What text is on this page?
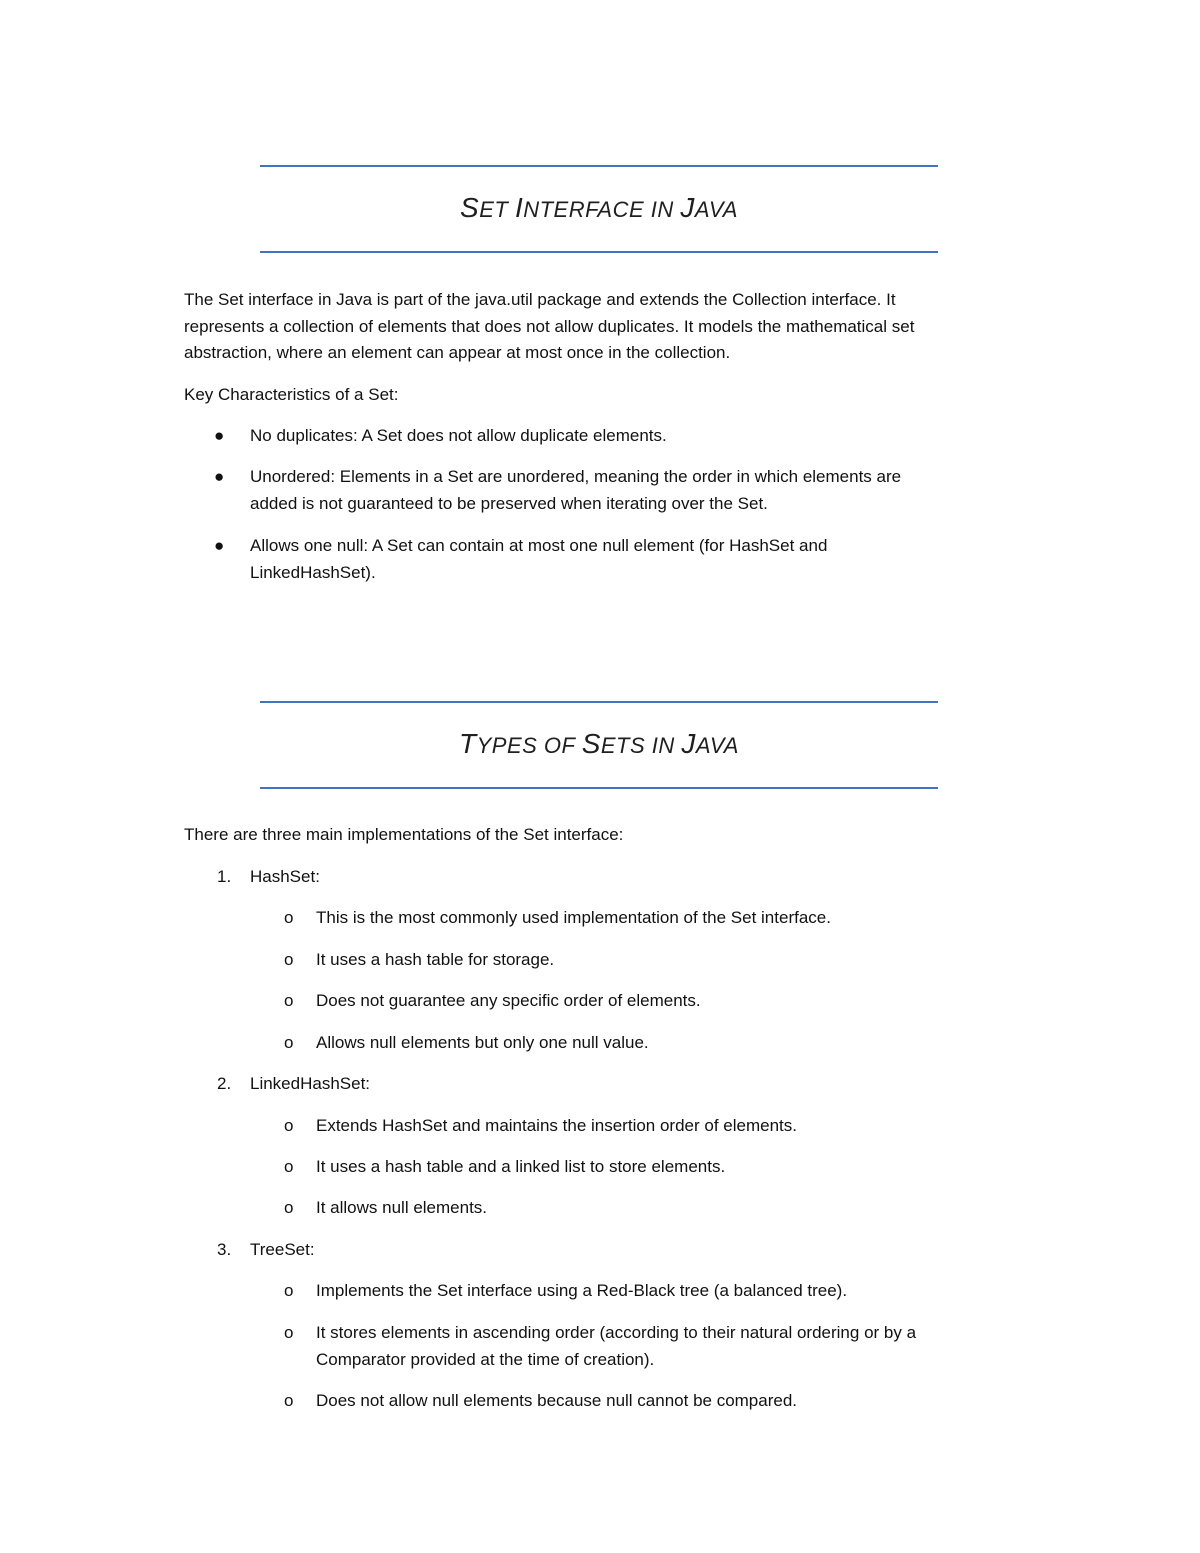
SET INTERFACE IN JAVA
The Set interface in Java is part of the java.util package and extends the Collection interface. It
represents a collection of elements that does not allow duplicates. It models the mathematical set
abstraction, where an element can appear at most once in the collection.
Key Characteristics of a Set:
● No duplicates: A Set does not allow duplicate elements.
● Unordered: Elements in a Set are unordered, meaning the order in which elements are
added is not guaranteed to be preserved when iterating over the Set.
● Allows one null: A Set can contain at most one null element (for HashSet and
LinkedHashSet).
TYPES OF SETS IN JAVA
There are three main implementations of the Set interface:
1. HashSet:
o This is the most commonly used implementation of the Set interface.
o It uses a hash table for storage.
o Does not guarantee any specific order of elements.
o Allows null elements but only one null value.
2. LinkedHashSet:
o Extends HashSet and maintains the insertion order of elements.
o It uses a hash table and a linked list to store elements.
o It allows null elements.
3. TreeSet:
o Implements the Set interface using a Red-Black tree (a balanced tree).
o It stores elements in ascending order (according to their natural ordering or by a
Comparator provided at the time of creation).
o Does not allow null elements because null cannot be compared.
